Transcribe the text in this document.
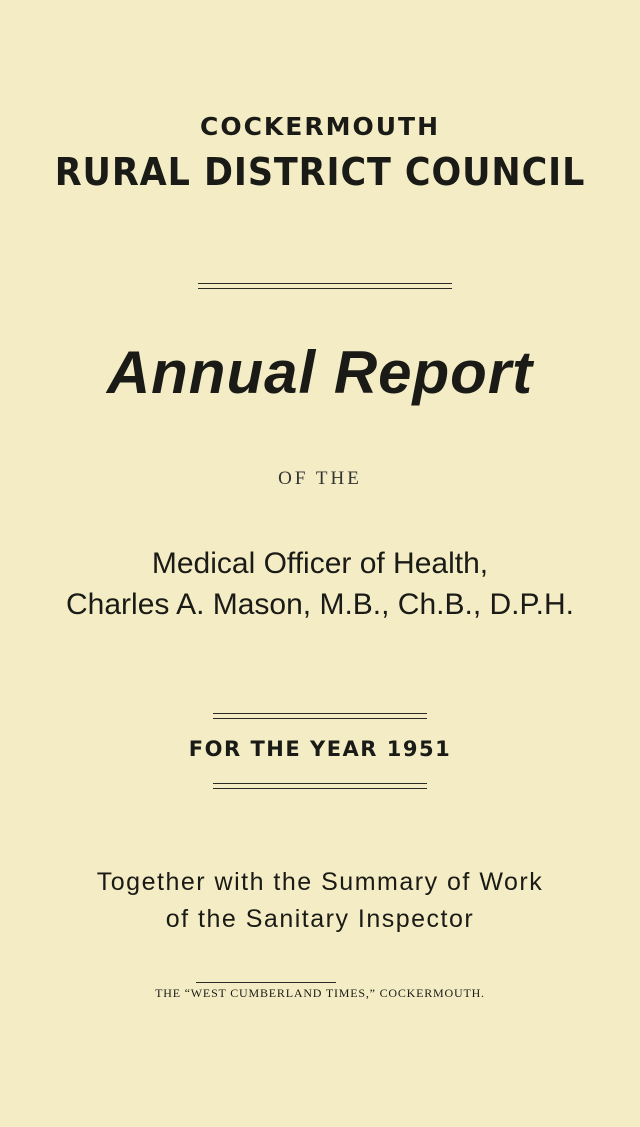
COCKERMOUTH
RURAL DISTRICT COUNCIL
Annual Report
OF THE
Medical Officer of Health,
Charles A. Mason, M.B., Ch.B., D.P.H.
FOR THE YEAR 1951
Together with the Summary of Work
of the Sanitary Inspector
THE “WEST CUMBERLAND TIMES,” COCKERMOUTH.
